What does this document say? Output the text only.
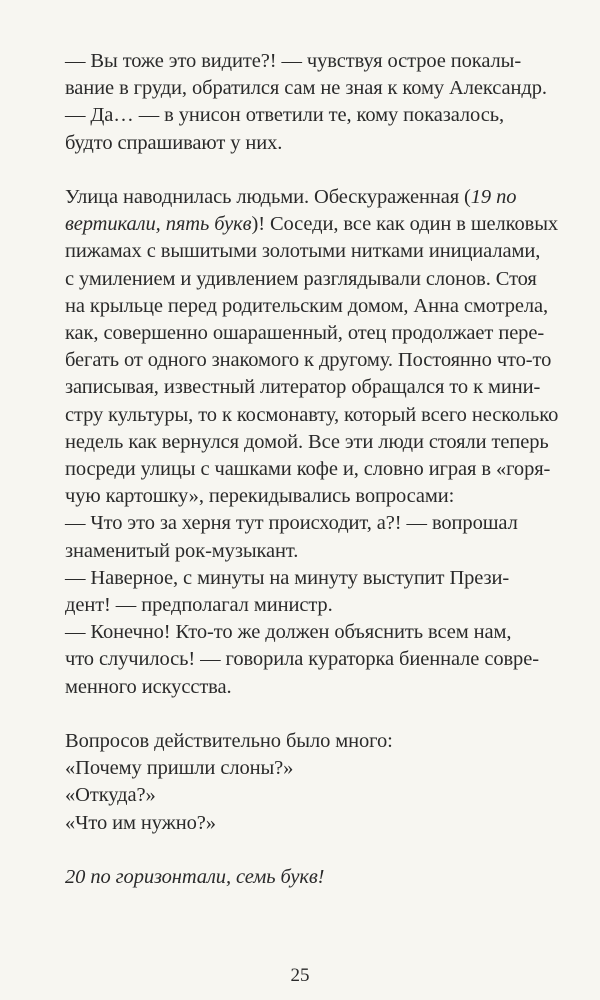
— Вы тоже это видите?! — чувствуя острое покалы-
вание в груди, обратился сам не зная к кому Александр.
— Да… — в унисон ответили те, кому показалось,
будто спрашивают у них.
Улица наводнилась людьми. Обескураженная (19 по
вертикали, пять букв)! Соседи, все как один в шелковых
пижамах с вышитыми золотыми нитками инициалами,
с умилением и удивлением разглядывали слонов. Стоя
на крыльце перед родительским домом, Анна смотрела,
как, совершенно ошарашенный, отец продолжает пере-
бегать от одного знакомого к другому. Постоянно что-то
записывая, известный литератор обращался то к мини-
стру культуры, то к космонавту, который всего несколько
недель как вернулся домой. Все эти люди стояли теперь
посреди улицы с чашками кофе и, словно играя в «горя-
чую картошку», перекидывались вопросами:
— Что это за херня тут происходит, а?! — вопрошал
знаменитый рок-музыкант.
— Наверное, с минуты на минуту выступит Прези-
дент! — предполагал министр.
— Конечно! Кто-то же должен объяснить всем нам,
что случилось! — говорила кураторка биеннале совре-
менного искусства.
Вопросов действительно было много:
«Почему пришли слоны?»
«Откуда?»
«Что им нужно?»
20 по горизонтали, семь букв!
25
